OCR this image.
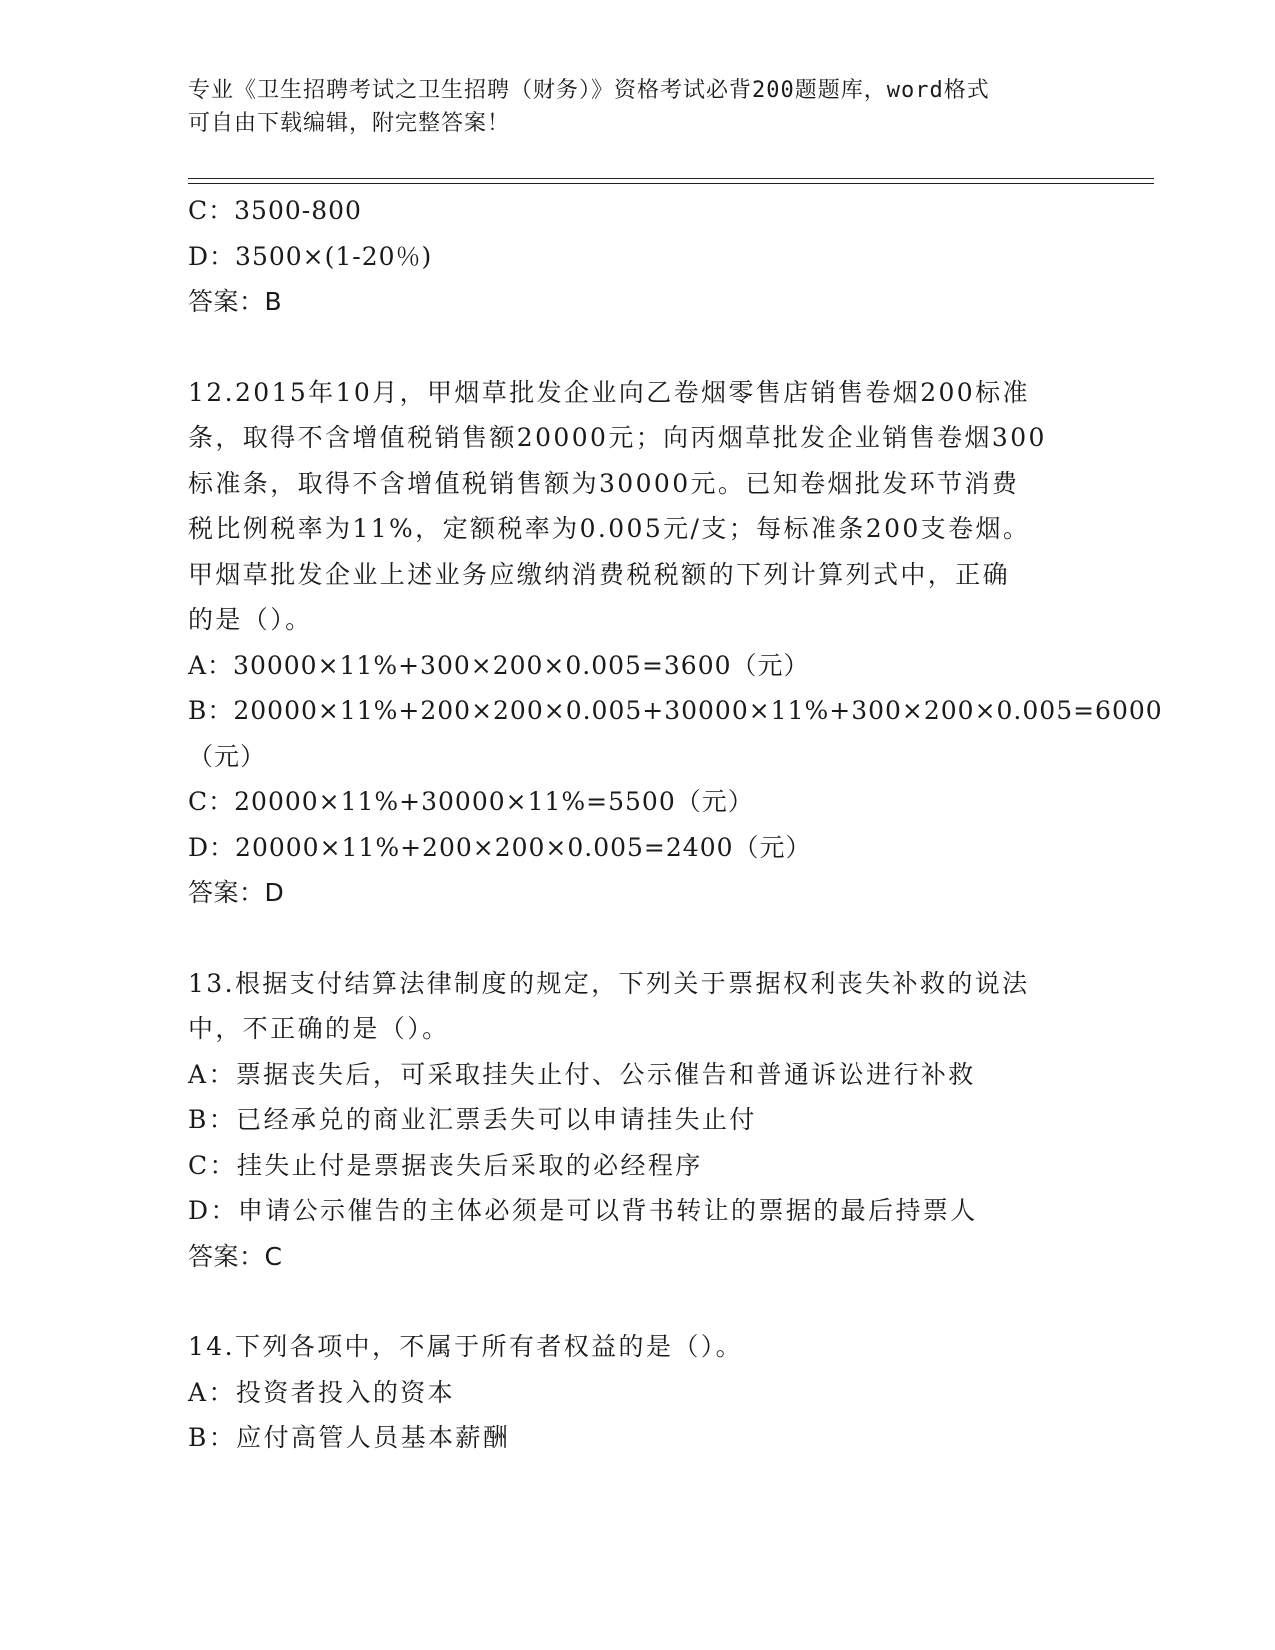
专业《卫生招聘考试之卫生招聘（财务）》资格考试必背200题题库，word格式
可自由下载编辑，附完整答案！
C：3500-800
D：3500×(1-20％)
答案：B
12.2015年10月，甲烟草批发企业向乙卷烟零售店销售卷烟200标准
条，取得不含增值税销售额20000元；向丙烟草批发企业销售卷烟300
标准条，取得不含增值税销售额为30000元。已知卷烟批发环节消费
税比例税率为11%，定额税率为0.005元/支；每标准条200支卷烟。
甲烟草批发企业上述业务应缴纳消费税税额的下列计算列式中，正确
的是（）。
A：30000×11%+300×200×0.005=3600（元）
B：20000×11%+200×200×0.005+30000×11%+300×200×0.005=6000
（元）
C：20000×11%+30000×11%=5500（元）
D：20000×11%+200×200×0.005=2400（元）
答案：D
13.根据支付结算法律制度的规定，下列关于票据权利丧失补救的说法
中，不正确的是（）。
A：票据丧失后，可采取挂失止付、公示催告和普通诉讼进行补救
B：已经承兑的商业汇票丢失可以申请挂失止付
C：挂失止付是票据丧失后采取的必经程序
D：申请公示催告的主体必须是可以背书转让的票据的最后持票人
答案：C
14.下列各项中，不属于所有者权益的是（）。
A：投资者投入的资本
B：应付高管人员基本薪酬
